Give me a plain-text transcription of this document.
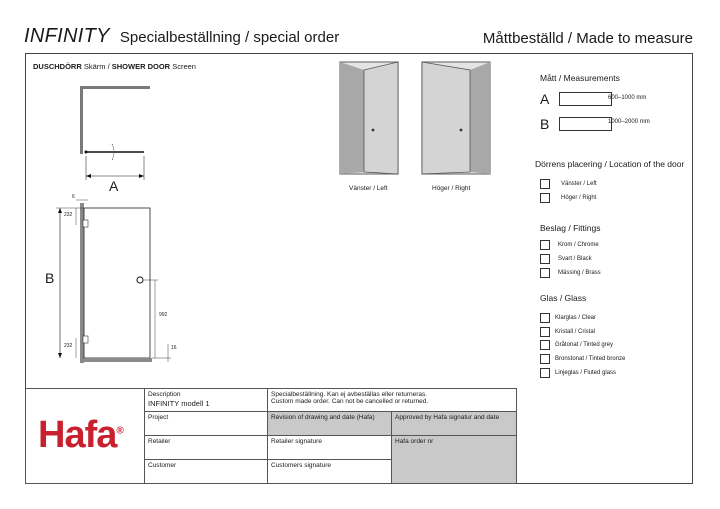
INFINITY Specialbeställning / special order	Måttbeställd / Made to measure
DUSCHDÖRR Skärm / SHOWER DOOR Screen
A
B
6
232
232
992
16
Vänster / Left	Höger / Right
Mått / Measurements
A	600–1000 mm
B	1000–2000 mm
Dörrens placering / Location of the door
Vänster / Left
Höger / Right
Beslag / Fittings
Krom / Chrome
Svart / Black
Mässing / Brass
Glas / Glass
Klarglas / Clear
Kristall / Cristal
Gråtonat / Tinted grey
Bronstonat / Tinted bronze
Linjeglas / Fluted glass
Hafa®
Description
INFINITY modell 1
Specialbeställning. Kan ej avbeställas eller returneras.
Custom made order. Can not be cancelled or returned.
Project	Revision of drawing and date (Hafa)	Approved by Hafa signatur and date
Retailer	Retailer signature	Hafa order nr
Customer	Customers signature
